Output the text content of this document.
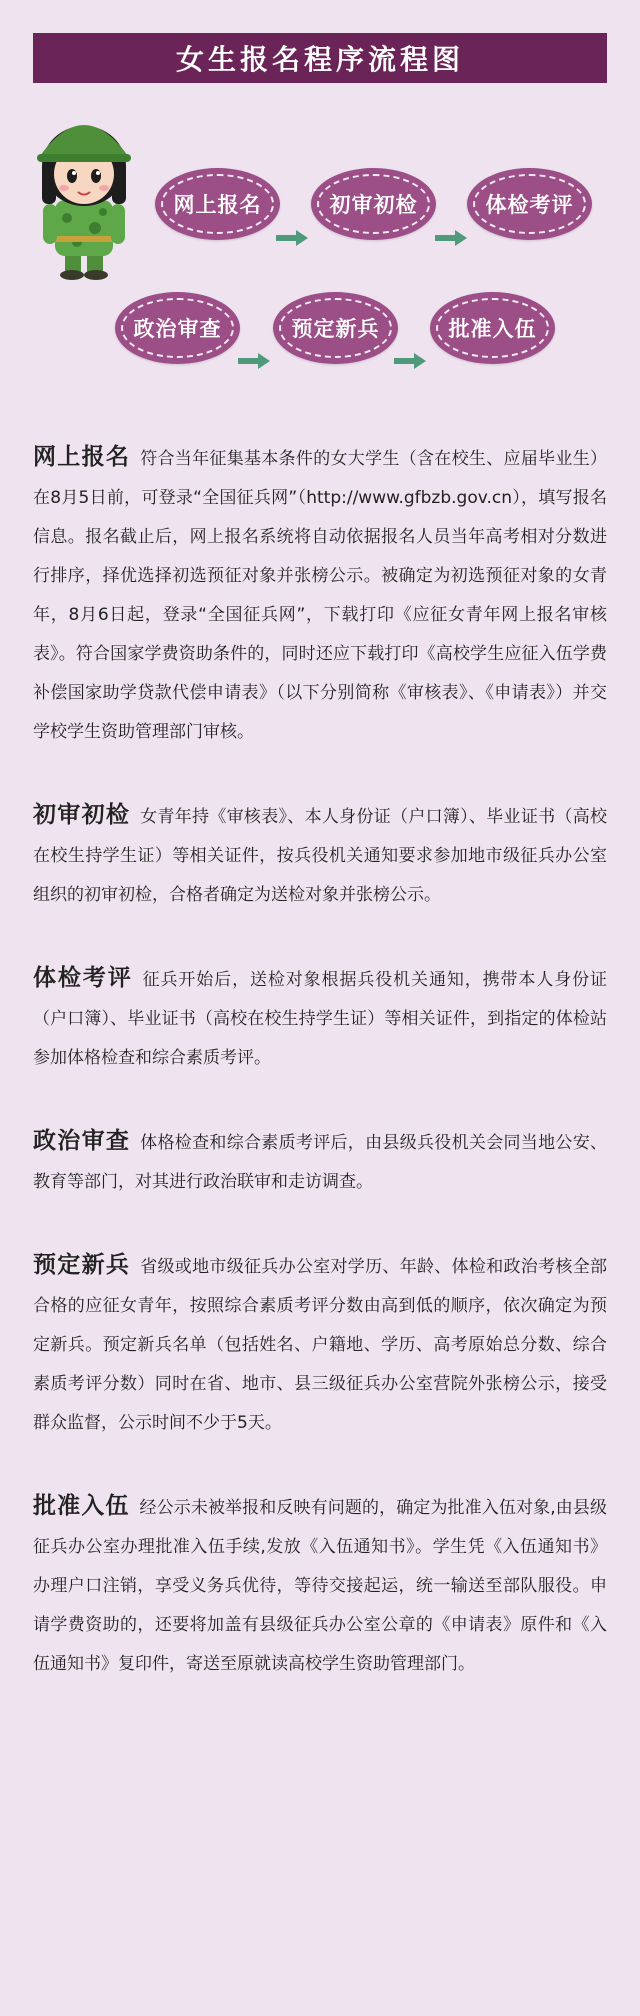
女生报名程序流程图
网上报名	初审初检	体检考评
政治审查	预定新兵	批准入伍

网上报名 符合当年征集基本条件的女大学生（含在校生、应届毕业生）在8月5日前，可登录“全国征兵网”（http://www.gfbzb.gov.cn），填写报名信息。报名截止后，网上报名系统将自动依据报名人员当年高考相对分数进行排序，择优选择初选预征对象并张榜公示。被确定为初选预征对象的女青年，8月6日起，登录“全国征兵网”，下载打印《应征女青年网上报名审核表》。符合国家学费资助条件的，同时还应下载打印《高校学生应征入伍学费补偿国家助学贷款代偿申请表》（以下分别简称《审核表》、《申请表》）并交学校学生资助管理部门审核。

初审初检 女青年持《审核表》、本人身份证（户口簿）、毕业证书（高校在校生持学生证）等相关证件，按兵役机关通知要求参加地市级征兵办公室组织的初审初检，合格者确定为送检对象并张榜公示。

体检考评 征兵开始后，送检对象根据兵役机关通知，携带本人身份证（户口簿）、毕业证书（高校在校生持学生证）等相关证件，到指定的体检站参加体格检查和综合素质考评。

政治审查 体格检查和综合素质考评后，由县级兵役机关会同当地公安、教育等部门，对其进行政治联审和走访调查。

预定新兵 省级或地市级征兵办公室对学历、年龄、体检和政治考核全部合格的应征女青年，按照综合素质考评分数由高到低的顺序，依次确定为预定新兵。预定新兵名单（包括姓名、户籍地、学历、高考原始总分数、综合素质考评分数）同时在省、地市、县三级征兵办公室营院外张榜公示，接受群众监督，公示时间不少于5天。

批准入伍 经公示未被举报和反映有问题的，确定为批准入伍对象,由县级征兵办公室办理批准入伍手续,发放《入伍通知书》。学生凭《入伍通知书》办理户口注销，享受义务兵优待，等待交接起运，统一输送至部队服役。申请学费资助的，还要将加盖有县级征兵办公室公章的《申请表》原件和《入伍通知书》复印件，寄送至原就读高校学生资助管理部门。
